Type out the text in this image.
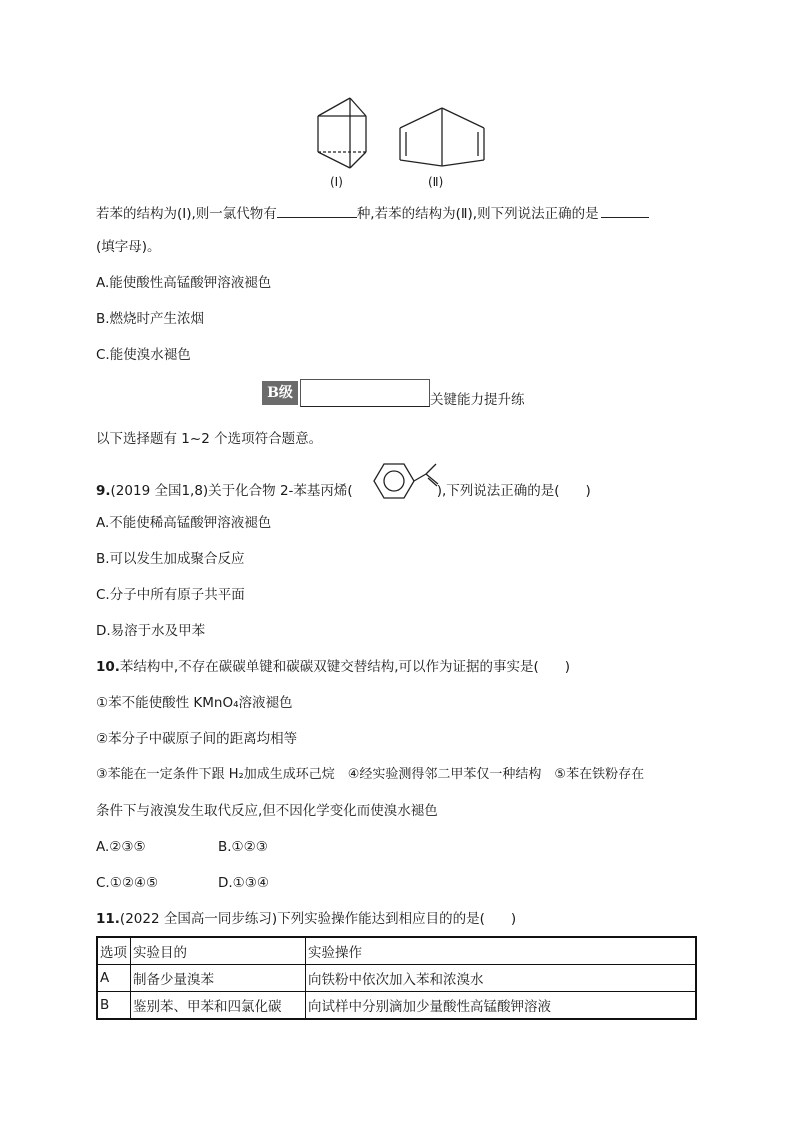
(Ⅰ)	(Ⅱ)
若苯的结构为(Ⅰ),则一氯代物有	种,若苯的结构为(Ⅱ),则下列说法正确的是
(填字母)。
A.能使酸性高锰酸钾溶液褪色
B.燃烧时产生浓烟
C.能使溴水褪色
B级	关键能力提升练
以下选择题有 1~2 个选项符合题意。
9.(2019 全国1,8)关于化合物 2-苯基丙烯(	),下列说法正确的是( )
A.不能使稀高锰酸钾溶液褪色
B.可以发生加成聚合反应
C.分子中所有原子共平面
D.易溶于水及甲苯
10.苯结构中,不存在碳碳单键和碳碳双键交替结构,可以作为证据的事实是( )
①苯不能使酸性 KMnO₄溶液褪色
②苯分子中碳原子间的距离均相等
③苯能在一定条件下跟 H₂加成生成环己烷　④经实验测得邻二甲苯仅一种结构　⑤苯在铁粉存在
条件下与液溴发生取代反应,但不因化学变化而使溴水褪色
A.②③⑤	B.①②③
C.①②④⑤	D.①③④
11.(2022 全国高一同步练习)下列实验操作能达到相应目的的是( )
选项	实验目的	实验操作
A	制备少量溴苯	向铁粉中依次加入苯和浓溴水
B	鉴别苯、甲苯和四氯化碳	向试样中分别滴加少量酸性高锰酸钾溶液
